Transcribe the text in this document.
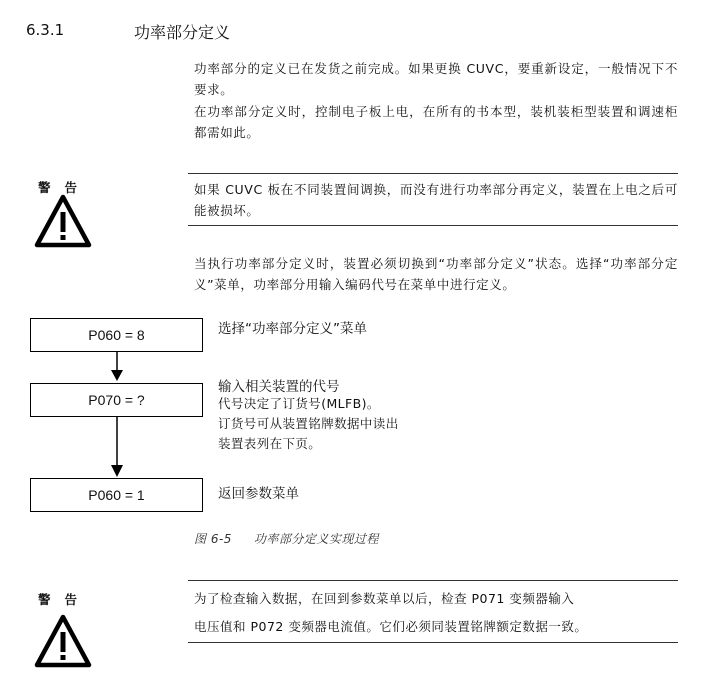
6.3.1	功率部分定义
功率部分的定义已在发货之前完成。如果更换 CUVC，要重新设定，一般情况下不要求。
在功率部分定义时，控制电子板上电，在所有的书本型，装机装柜型装置和调速柜都需如此。
警告	如果 CUVC 板在不同装置间调换，而没有进行功率部分再定义，装置在上电之后可能被损坏。
当执行功率部分定义时，装置必须切换到“功率部分定义”状态。选择“功率部分定义”菜单，功率部分用输入编码代号在菜单中进行定义。
P060 = 8	选择“功率部分定义”菜单
P070 = ?
输入相关装置的代号
代号决定了订货号(MLFB)。
订货号可从装置铭牌数据中读出
装置表列在下页。
P060 = 1	返回参数菜单
图 6-5 功率部分定义实现过程
警告	为了检查输入数据，在回到参数菜单以后，检查 P071 变频器输入
电压值和 P072 变频器电流值。它们必须同装置铭牌额定数据一致。
